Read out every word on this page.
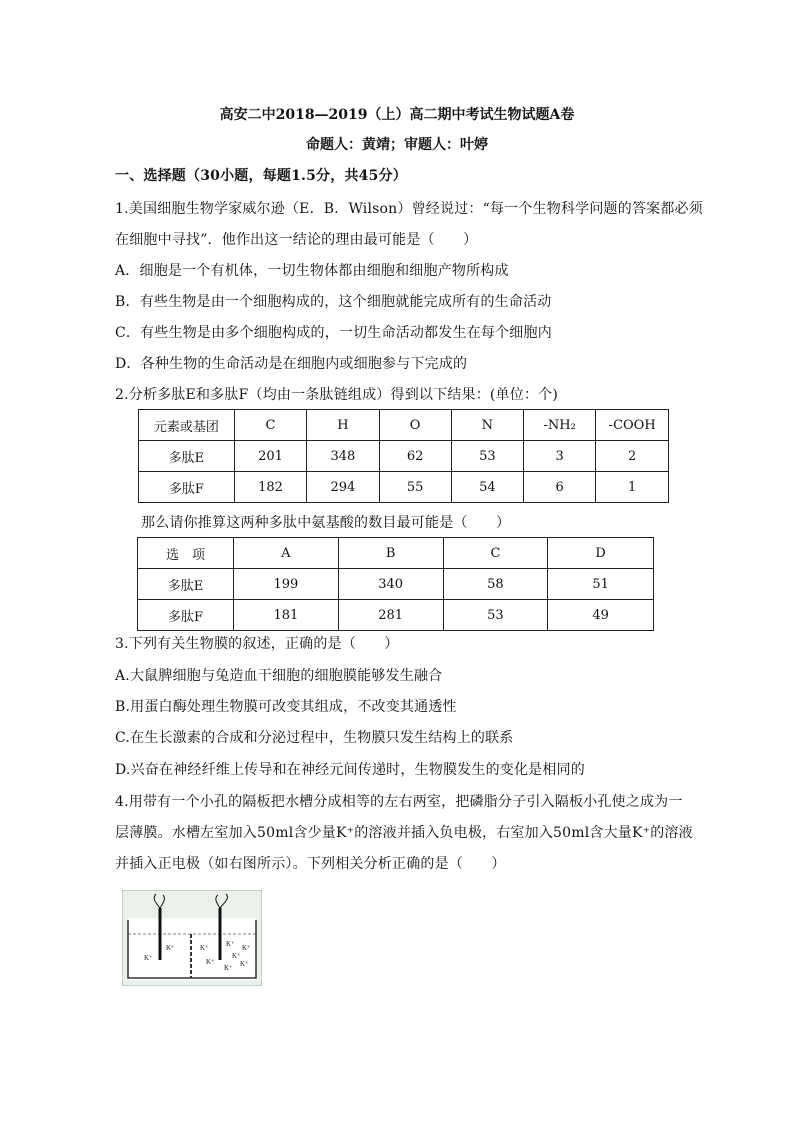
高安二中2018—2019（上）高二期中考试生物试题A卷
命题人：黄靖；审题人：叶婷
一、选择题（30小题，每题1.5分，共45分）
1.美国细胞生物学家威尔逊（E．B．Wilson）曾经说过：“每一个生物科学问题的答案都必须
在细胞中寻找”．他作出这一结论的理由最可能是（　　）
A．细胞是一个有机体，一切生物体都由细胞和细胞产物所构成
B．有些生物是由一个细胞构成的，这个细胞就能完成所有的生命活动
C．有些生物是由多个细胞构成的，一切生命活动都发生在每个细胞内
D．各种生物的生命活动是在细胞内或细胞参与下完成的
2.分析多肽E和多肽F（均由一条肽链组成）得到以下结果：(单位：个)
元素或基团	C	H	O	N	-NH₂	-COOH
多肽E	201	348	62	53	3	2
多肽F	182	294	55	54	6	1
那么请你推算这两种多肽中氨基酸的数目最可能是（　　）
选　项	A	B	C	D
多肽E	199	340	58	51
多肽F	181	281	53	49
3.下列有关生物膜的叙述，正确的是（　　）
A.大鼠脾细胞与兔造血干细胞的细胞膜能够发生融合
B.用蛋白酶处理生物膜可改变其组成，不改变其通透性
C.在生长激素的合成和分泌过程中，生物膜只发生结构上的联系
D.兴奋在神经纤维上传导和在神经元间传递时，生物膜发生的变化是相同的
4.用带有一个小孔的隔板把水槽分成相等的左右两室，把磷脂分子引入隔板小孔使之成为一
层薄膜。水槽左室加入50ml含少量K⁺的溶液并插入负电极，右室加入50ml含大量K⁺的溶液
并插入正电极（如右图所示）。下列相关分析正确的是（　　）
K⁺
K⁺	K⁺
K⁺
K⁺
K⁺
K⁺
K⁺ K⁺
